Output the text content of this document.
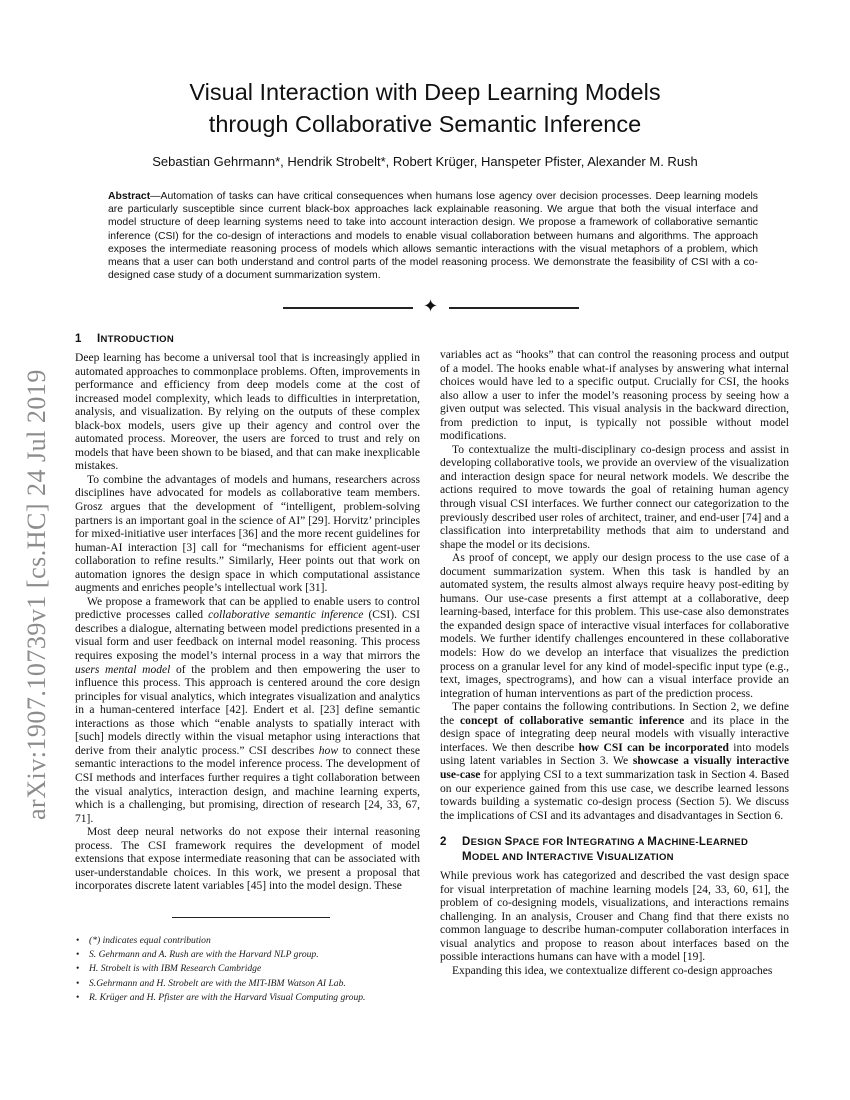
arXiv:1907.10739v1 [cs.HC] 24 Jul 2019
Visual Interaction with Deep Learning Models
through Collaborative Semantic Inference
Sebastian Gehrmann*, Hendrik Strobelt*, Robert Krüger, Hanspeter Pfister, Alexander M. Rush
Abstract—Automation of tasks can have critical consequences when humans lose agency over decision processes. Deep learning models are particularly susceptible since current black-box approaches lack explainable reasoning. We argue that both the visual interface and model structure of deep learning systems need to take into account interaction design. We propose a framework of collaborative semantic inference (CSI) for the co-design of interactions and models to enable visual collaboration between humans and algorithms. The approach exposes the intermediate reasoning process of models which allows semantic interactions with the visual metaphors of a problem, which means that a user can both understand and control parts of the model reasoning process. We demonstrate the feasibility of CSI with a co-designed case study of a document summarization system.
✦
1 INTRODUCTION

Deep learning has become a universal tool that is increasingly applied in automated approaches to commonplace problems. Often, improvements in performance and efficiency from deep models come at the cost of increased model complexity, which leads to difficulties in interpretation, analysis, and visualization. By relying on the outputs of these complex black-box models, users give up their agency and control over the automated process. Moreover, the users are forced to trust and rely on models that have been shown to be biased, and that can make inexplicable mistakes.

To combine the advantages of models and humans, researchers across disciplines have advocated for models as collaborative team members. Grosz argues that the development of “intelligent, problem-solving partners is an important goal in the science of AI” [29]. Horvitz’ principles for mixed-initiative user interfaces [36] and the more recent guidelines for human-AI interaction [3] call for “mechanisms for efficient agent-user collaboration to refine results.” Similarly, Heer points out that work on automation ignores the design space in which computational assistance augments and enriches people’s intellectual work [31].

We propose a framework that can be applied to enable users to control predictive processes called collaborative semantic inference (CSI). CSI describes a dialogue, alternating between model predictions presented in a visual form and user feedback on internal model reasoning. This process requires exposing the model’s internal process in a way that mirrors the users mental model of the problem and then empowering the user to influence this process. This approach is centered around the core design principles for visual analytics, which integrates visualization and analytics in a human-centered interface [42]. Endert et al. [23] define semantic interactions as those which “enable analysts to spatially interact with [such] models directly within the visual metaphor using interactions that derive from their analytic process.” CSI describes how to connect these semantic interactions to the model inference process. The development of CSI methods and interfaces further requires a tight collaboration between the visual analytics, interaction design, and machine learning experts, which is a challenging, but promising, direction of research [24, 33, 67, 71].

Most deep neural networks do not expose their internal reasoning process. The CSI framework requires the development of model extensions that expose intermediate reasoning that can be associated with user-understandable choices. In this work, we present a proposal that incorporates discrete latent variables [45] into the model design. These

• (*) indicates equal contribution
• S. Gehrmann and A. Rush are with the Harvard NLP group.
• H. Strobelt is with IBM Research Cambridge
• S.Gehrmann and H. Strobelt are with the MIT-IBM Watson AI Lab.
• R. Krüger and H. Pfister are with the Harvard Visual Computing group.

variables act as “hooks” that can control the reasoning process and output of a model. The hooks enable what-if analyses by answering what internal choices would have led to a specific output. Crucially for CSI, the hooks also allow a user to infer the model’s reasoning process by seeing how a given output was selected. This visual analysis in the backward direction, from prediction to input, is typically not possible without model modifications.

To contextualize the multi-disciplinary co-design process and assist in developing collaborative tools, we provide an overview of the visualization and interaction design space for neural network models. We describe the actions required to move towards the goal of retaining human agency through visual CSI interfaces. We further connect our categorization to the previously described user roles of architect, trainer, and end-user [74] and a classification into interpretability methods that aim to understand and shape the model or its decisions.

As proof of concept, we apply our design process to the use case of a document summarization system. When this task is handled by an automated system, the results almost always require heavy post-editing by humans. Our use-case presents a first attempt at a collaborative, deep learning-based, interface for this problem. This use-case also demonstrates the expanded design space of interactive visual interfaces for collaborative models. We further identify challenges encountered in these collaborative models: How do we develop an interface that visualizes the prediction process on a granular level for any kind of model-specific input type (e.g., text, images, spectrograms), and how can a visual interface provide an integration of human interventions as part of the prediction process.

The paper contains the following contributions. In Section 2, we define the concept of collaborative semantic inference and its place in the design space of integrating deep neural models with visually interactive interfaces. We then describe how CSI can be incorporated into models using latent variables in Section 3. We showcase a visually interactive use-case for applying CSI to a text summarization task in Section 4. Based on our experience gained from this use case, we describe learned lessons towards building a systematic co-design process (Section 5). We discuss the implications of CSI and its advantages and disadvantages in Section 6.

2	DESIGN SPACE FOR INTEGRATING A MACHINE-LEARNED
MODEL AND INTERACTIVE VISUALIZATION

While previous work has categorized and described the vast design space for visual interpretation of machine learning models [24, 33, 60, 61], the problem of co-designing models, visualizations, and interactions remains challenging. In an analysis, Crouser and Chang find that there exists no common language to describe human-computer collaboration interfaces in visual analytics and propose to reason about interfaces based on the possible interactions humans can have with a model [19].

Expanding this idea, we contextualize different co-design approaches
